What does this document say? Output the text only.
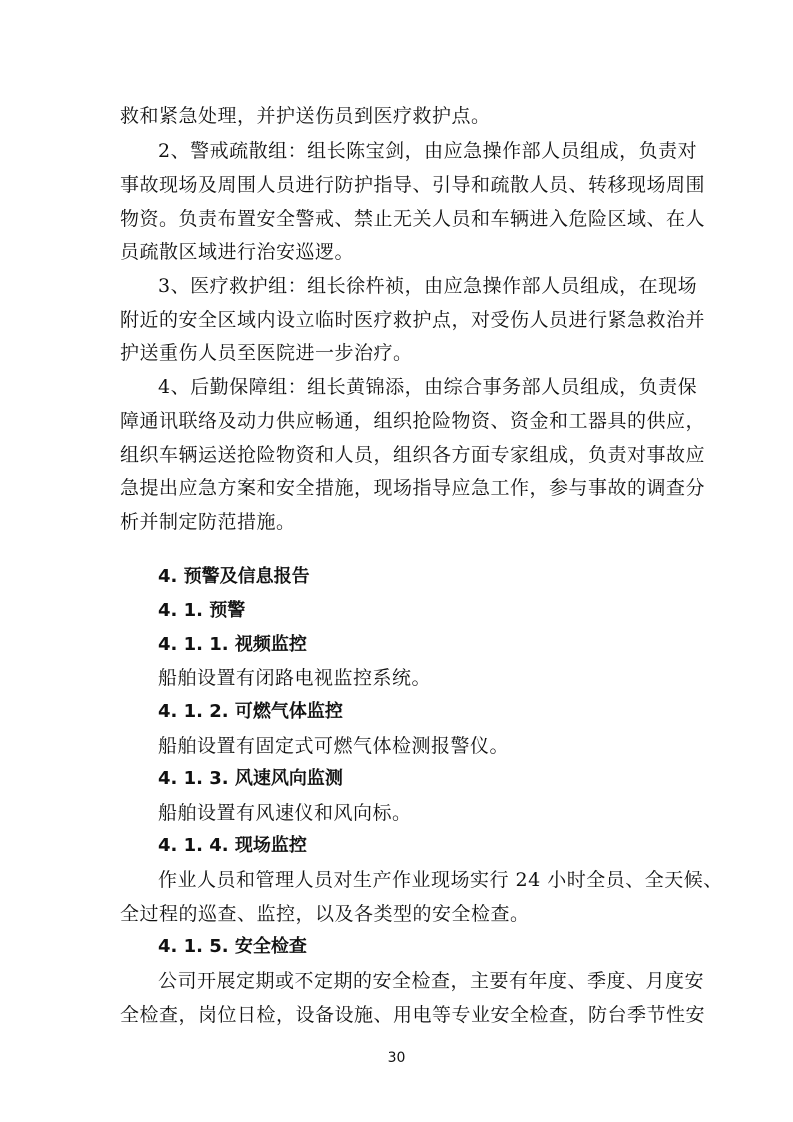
救和紧急处理，并护送伤员到医疗救护点。
2、警戒疏散组：组长陈宝剑，由应急操作部人员组成，负责对
事故现场及周围人员进行防护指导、引导和疏散人员、转移现场周围
物资。负责布置安全警戒、禁止无关人员和车辆进入危险区域、在人
员疏散区域进行治安巡逻。
3、医疗救护组：组长徐杵祯，由应急操作部人员组成，在现场
附近的安全区域内设立临时医疗救护点，对受伤人员进行紧急救治并
护送重伤人员至医院进一步治疗。
4、后勤保障组：组长黄锦添，由综合事务部人员组成，负责保
障通讯联络及动力供应畅通，组织抢险物资、资金和工器具的供应，
组织车辆运送抢险物资和人员，组织各方面专家组成，负责对事故应
急提出应急方案和安全措施，现场指导应急工作，参与事故的调查分
析并制定防范措施。
4. 预警及信息报告
4. 1. 预警
4. 1. 1. 视频监控
船舶设置有闭路电视监控系统。
4. 1. 2. 可燃气体监控
船舶设置有固定式可燃气体检测报警仪。
4. 1. 3. 风速风向监测
船舶设置有风速仪和风向标。
4. 1. 4. 现场监控
作业人员和管理人员对生产作业现场实行 24 小时全员、全天候、
全过程的巡查、监控，以及各类型的安全检查。
4. 1. 5. 安全检查
公司开展定期或不定期的安全检查，主要有年度、季度、月度安
全检查，岗位日检，设备设施、用电等专业安全检查，防台季节性安
30
